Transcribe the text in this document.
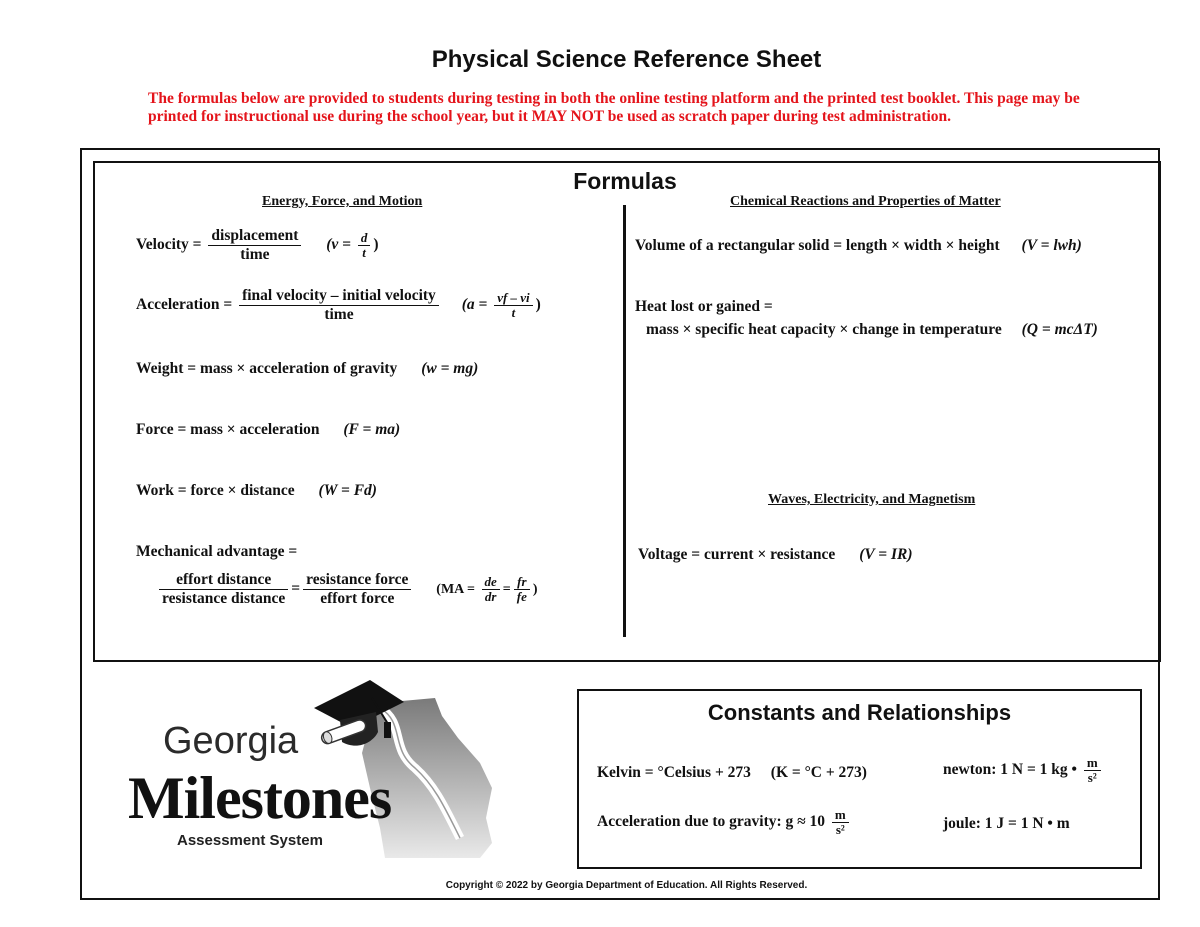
Physical Science Reference Sheet
The formulas below are provided to students during testing in both the online testing platform and the printed test booklet. This page may be printed for instructional use during the school year, but it MAY NOT be used as scratch paper during test administration.
Formulas
Energy, Force, and Motion
Velocity = $\frac{\text{displacement}}{\text{time}} (v = \frac{d}{t}$ )
Acceleration = $\frac{\text{final velocity – initial velocity}}{\text{time}} (a = \frac{vf - vi}{t}$ )
Weight = mass × acceleration of gravity (w = mg)
Force = mass × acceleration (F = ma)
Work = force × distance (W = Fd)
Mechanical advantage =
$\frac{\text{effort distance}}{\text{resistance distance}} = \frac{\text{resistance force}}{\text{effort force}} (MA = \frac{de}{dr} = \frac{fr}{fe}$ )
Chemical Reactions and Properties of Matter
Volume of a rectangular solid = length × width × height (V = lwh)
Heat lost or gained =
mass × specific heat capacity × change in temperature (Q = mcΔT)
Waves, Electricity, and Magnetism
Voltage = current × resistance (V = IR)
Georgia
Milestones
Assessment System
Constants and Relationships
Kelvin = °Celsius + 273 (K = °C + 273)	newton: 1 N = 1 kg • $\frac{m}{\text{s²}}$
Acceleration due to gravity: $g \approx 10 \frac{m}{\text{s²}}$	joule: 1 J = 1 N • m
Copyright © 2022 by Georgia Department of Education. All Rights Reserved.
